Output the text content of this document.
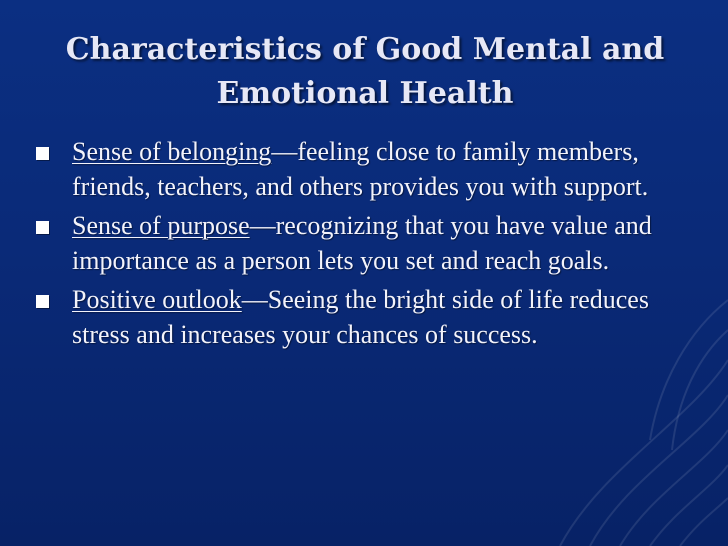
Characteristics of Good Mental and
Emotional Health
Sense of belonging—feeling close to family members, friends, teachers, and others provides you with support.
Sense of purpose—recognizing that you have value and importance as a person lets you set and reach goals.
Positive outlook—Seeing the bright side of life reduces stress and increases your chances of success.
